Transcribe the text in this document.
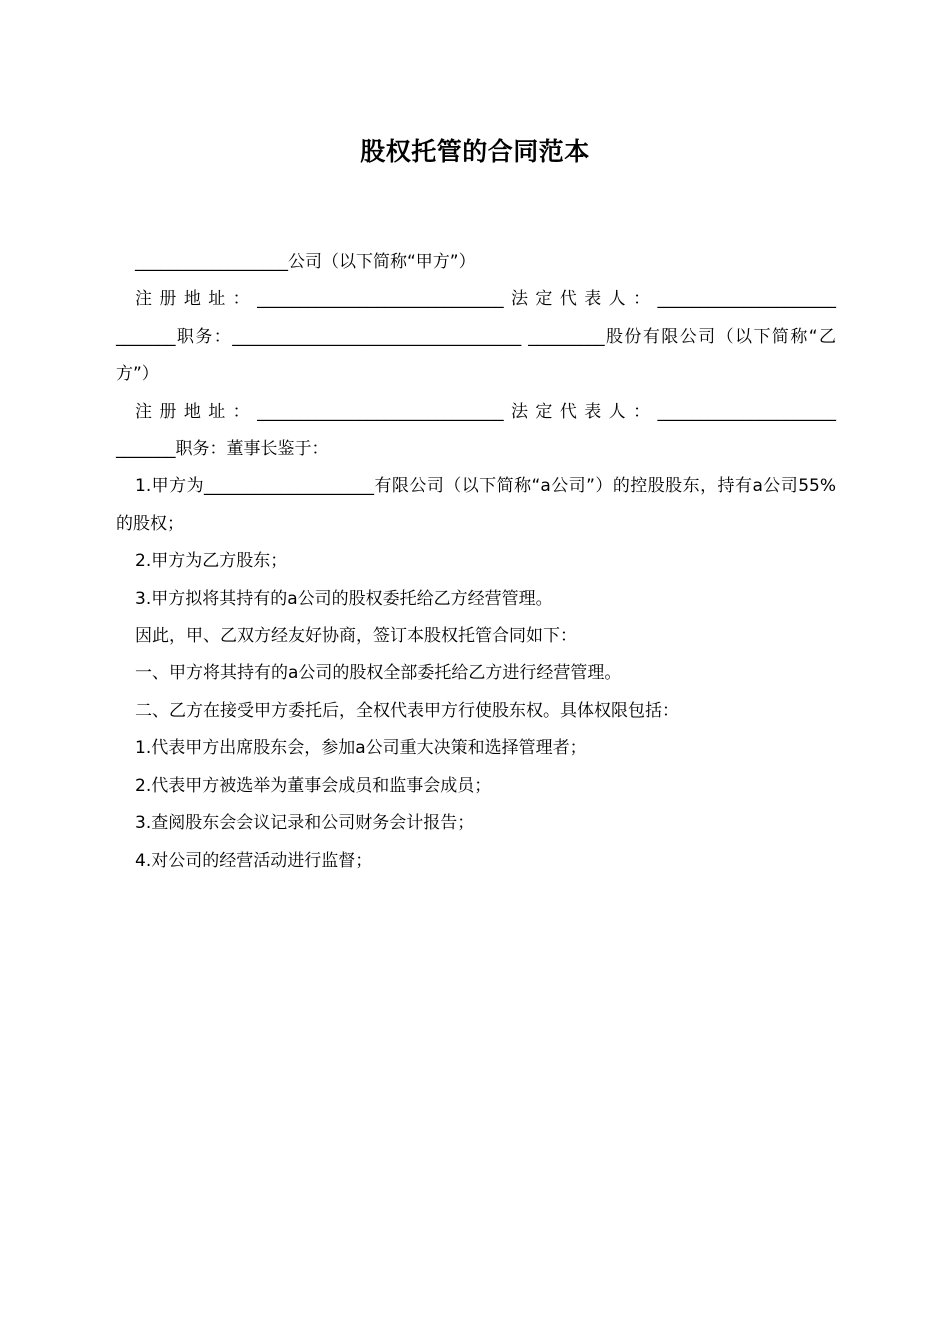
股权托管的合同范本

__________________公司（以下简称“甲方”）

注册地址：_____________________________法定代表人：_____________________

_______职务：__________________________________ _________股份有限公司（以下简称“乙方”）

注册地址：_____________________________法定代表人：_____________________

_______职务：董事长鉴于：

1.甲方为____________________有限公司（以下简称“a公司”）的控股股东，持有a公司55%的股权；

2.甲方为乙方股东；

3.甲方拟将其持有的a公司的股权委托给乙方经营管理。

因此，甲、乙双方经友好协商，签订本股权托管合同如下：

一、甲方将其持有的a公司的股权全部委托给乙方进行经营管理。

二、乙方在接受甲方委托后，全权代表甲方行使股东权。具体权限包括：

1.代表甲方出席股东会，参加a公司重大决策和选择管理者；

2.代表甲方被选举为董事会成员和监事会成员；

3.查阅股东会会议记录和公司财务会计报告；

4.对公司的经营活动进行监督；
